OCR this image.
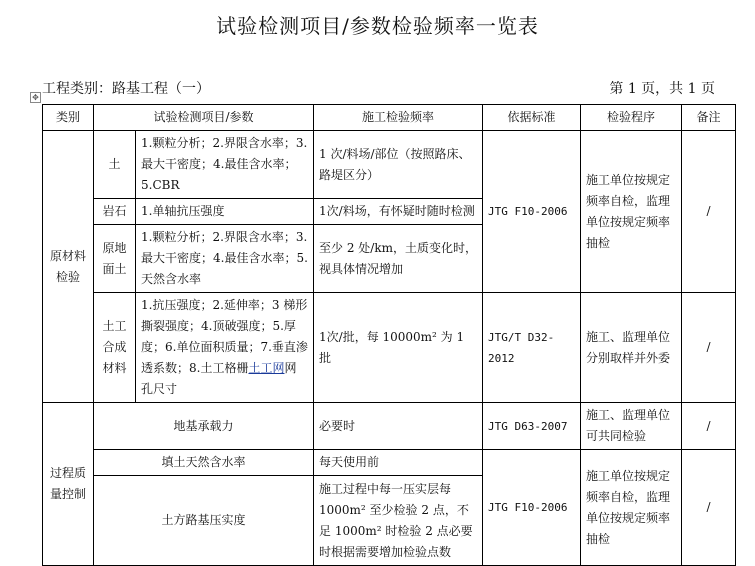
试验检测项目/参数检验频率一览表
工程类别：路基工程（一）	第 1 页，共 1 页
✥
类别	试验检测项目/参数		施工检验频率	依据标准	检验程序	备注
原材料检验	土	1.颗粒分析；2.界限含水率；3.最大干密度；4.最佳含水率；5.CBR	1 次/料场/部位（按照路床、路堤区分）	JTG F10-2006	施工单位按规定频率自检，监理单位按规定频率抽检	/
	岩石	1.单轴抗压强度	1次/料场，有怀疑时随时检测			
	原地面土	1.颗粒分析；2.界限含水率；3.最大干密度；4.最佳含水率；5.天然含水率	至少 2 处/km，土质变化时，视具体情况增加			
	土工合成材料	1.抗压强度；2.延伸率；3 梯形撕裂强度；4.顶破强度；5.厚度；6.单位面积质量；7.垂直渗透系数；8.土工格栅土工网网孔尺寸	1次/批，每 10000m² 为 1 批	JTG/T D32-2012	施工、监理单位分别取样并外委	/
过程质量控制	地基承载力		必要时	JTG D63-2007	施工、监理单位可共同检验	/
	填土天然含水率		每天使用前	JTG F10-2006	施工单位按规定频率自检，监理单位按规定频率抽检	/
	土方路基压实度		施工过程中每一压实层每 1000m² 至少检验 2 点，不足 1000m² 时检验 2 点必要时根据需要增加检验点数			
